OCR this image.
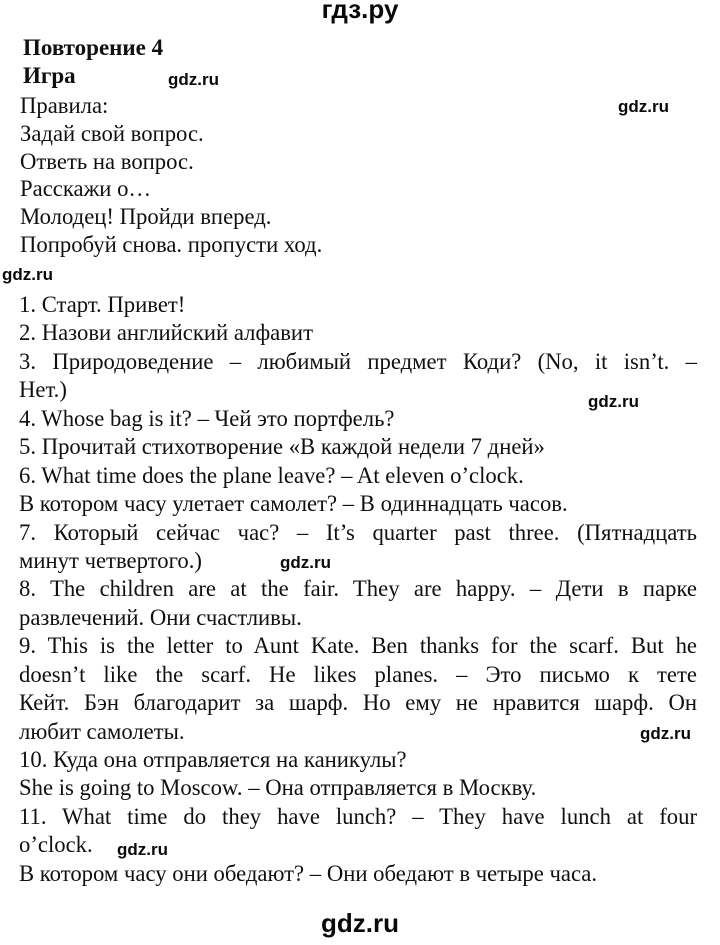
гдз.ру
Повторение 4
Игра
Правила:
Задай свой вопрос.
Ответь на вопрос.
Расскажи о…
Молодец! Пройди вперед.
Попробуй снова. пропусти ход.
1. Старт. Привет!
2. Назови английский алфавит
3. Природоведение – любимый предмет Коди? (No, it isn’t. –
Нет.)
4. Whose bag is it? – Чей это портфель?
5. Прочитай стихотворение «В каждой недели 7 дней»
6. What time does the plane leave? – At eleven o’clock.
В котором часу улетает самолет? – В одиннадцать часов.
7. Который сейчас час? – It’s quarter past three. (Пятнадцать
минут четвертого.)
8. The children are at the fair. They are happy. – Дети в парке
развлечений. Они счастливы.
9. This is the letter to Aunt Kate. Ben thanks for the scarf. But he
doesn’t like the scarf. He likes planes. – Это письмо к тете
Кейт. Бэн благодарит за шарф. Но ему не нравится шарф. Он
любит самолеты.
10. Куда она отправляется на каникулы?
She is going to Moscow. – Она отправляется в Москву.
11. What time do they have lunch? – They have lunch at four
o’clock.
В котором часу они обедают? – Они обедают в четыре часа.
gdz.ru
gdz.ru
gdz.ru
gdz.ru
gdz.ru
gdz.ru
gdz.ru
gdz.ru
